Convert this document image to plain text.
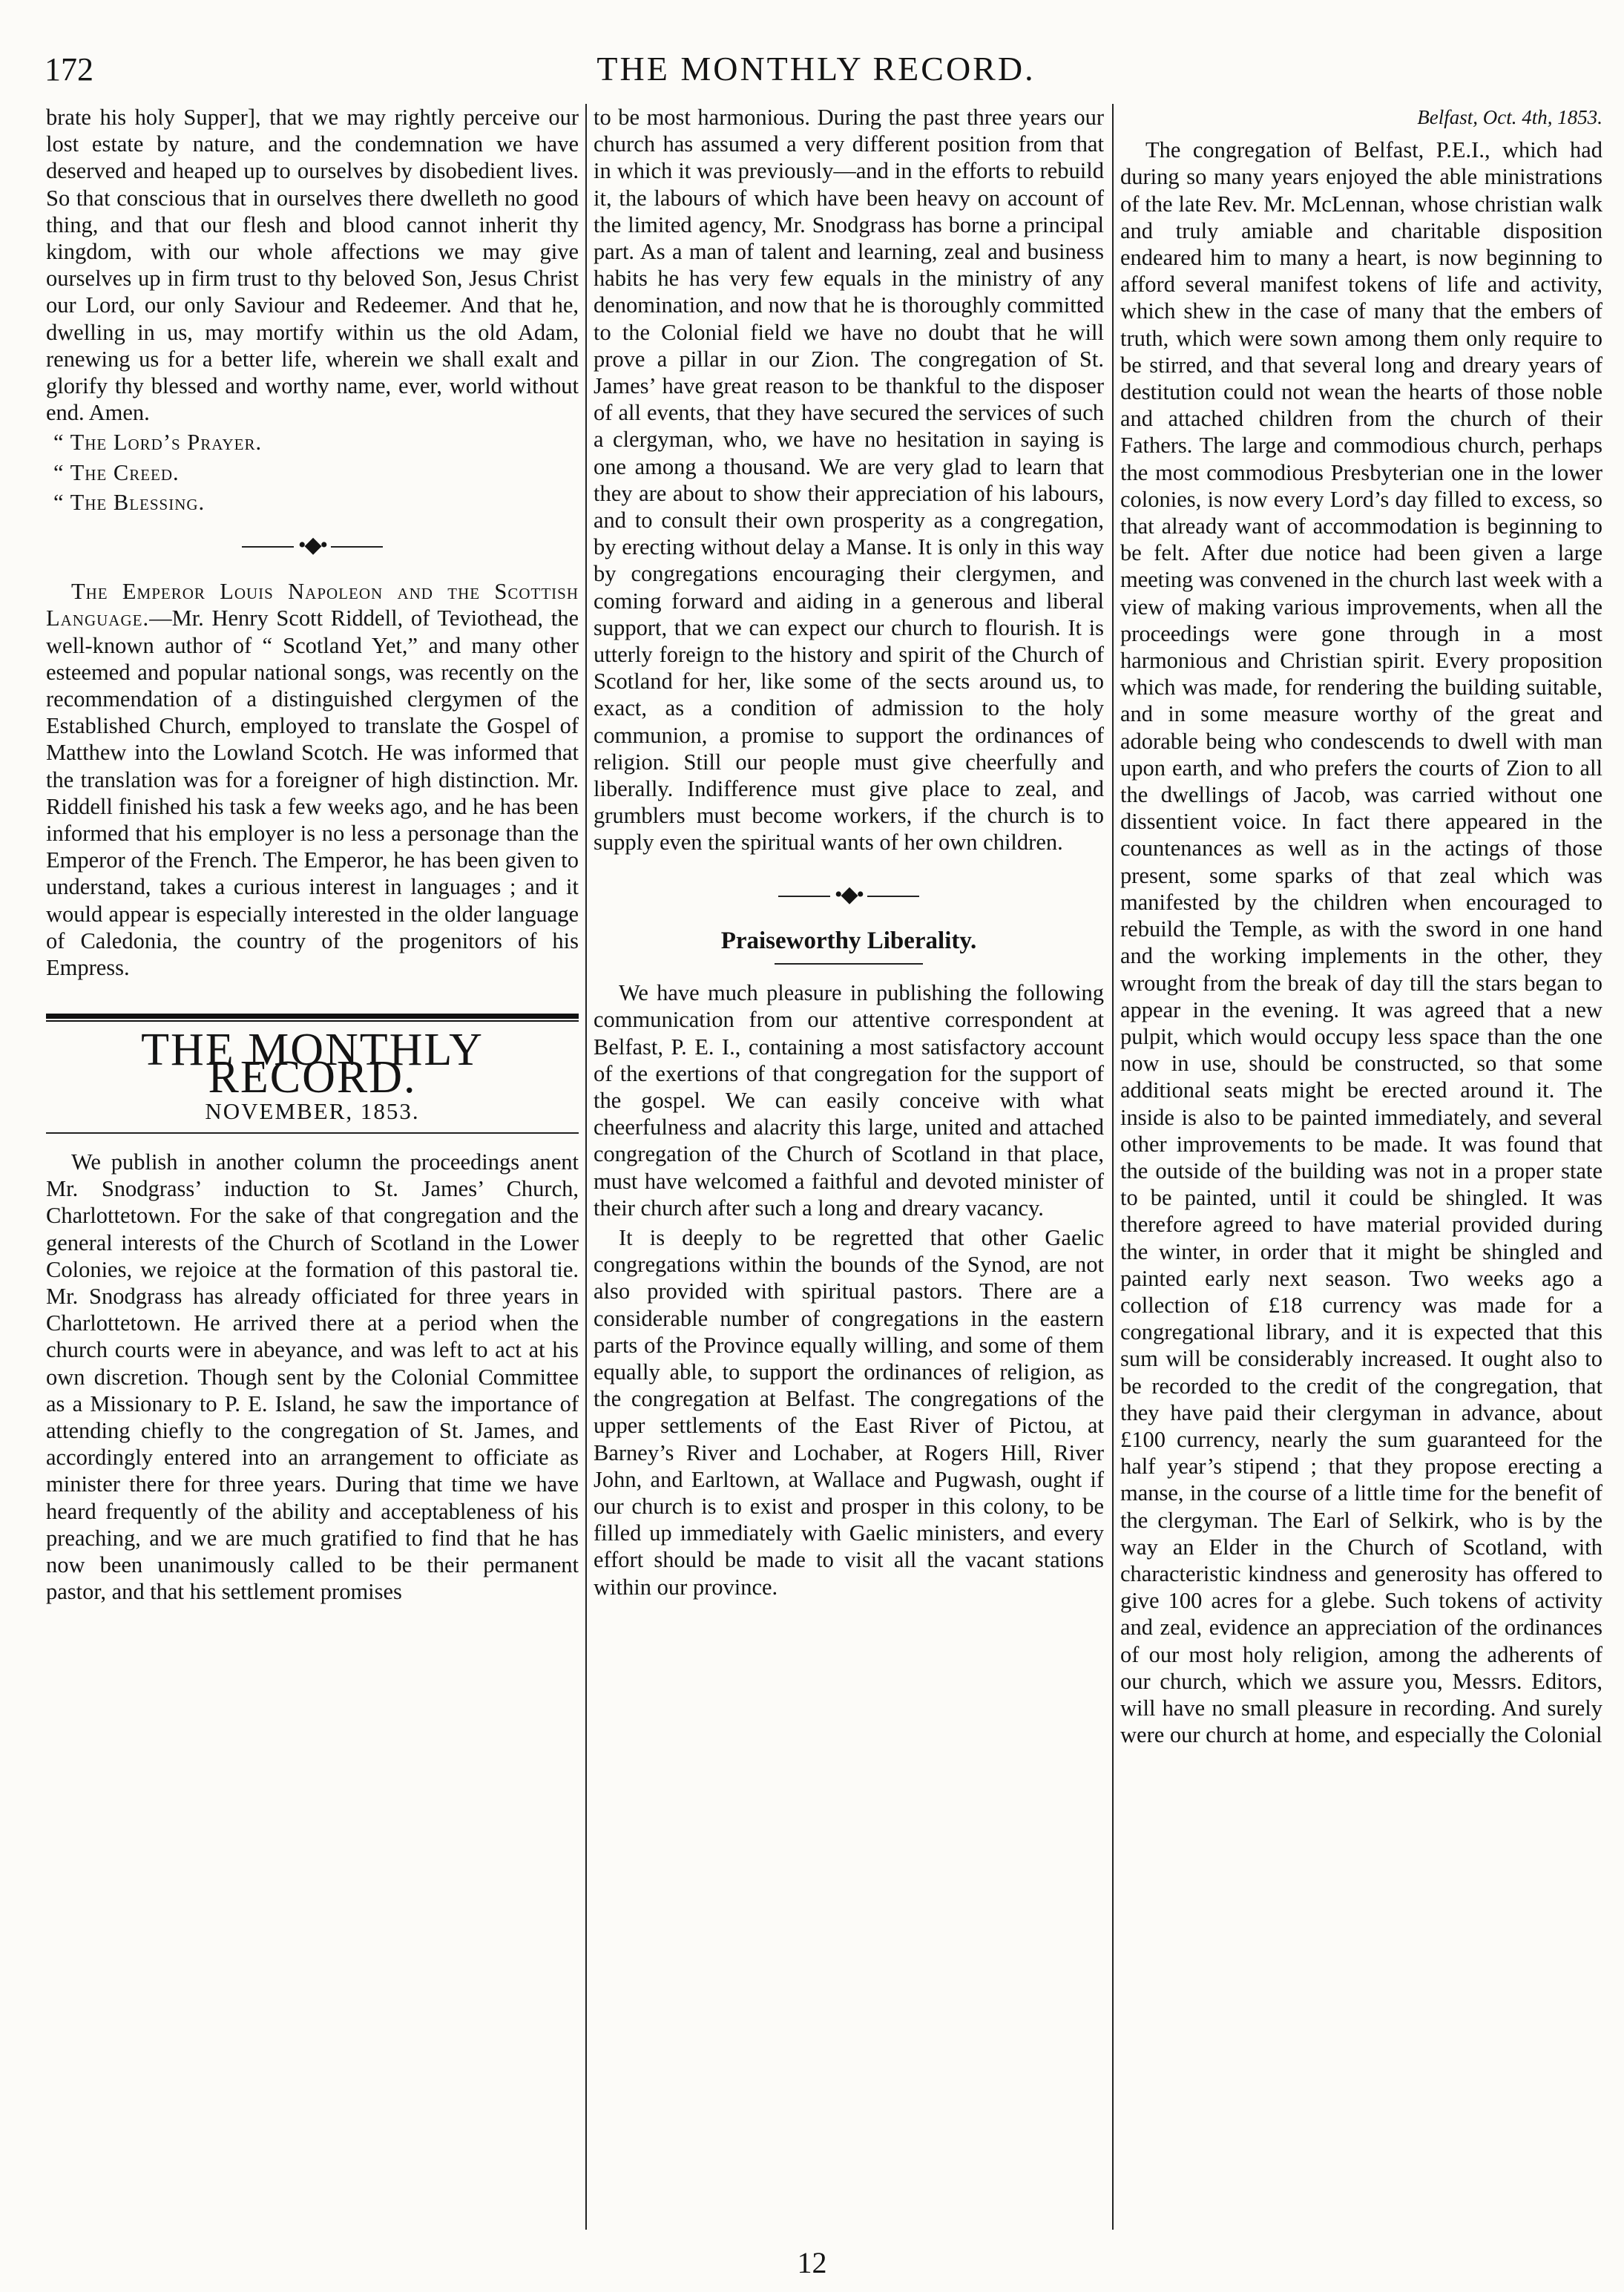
172	THE MONTHLY RECORD.

brate his holy Supper], that we may rightly perceive our lost estate by nature, and the condemnation we have deserved and heaped up to ourselves by disobedient lives. So that conscious that in ourselves there dwelleth no good thing, and that our flesh and blood cannot inherit thy kingdom, with our whole affections we may give ourselves up in firm trust to thy beloved Son, Jesus Christ our Lord, our only Saviour and Redeemer. And that he, dwelling in us, may mortify within us the old Adam, renewing us for a better life, wherein we shall exalt and glorify thy blessed and worthy name, ever, world without end. Amen.

“ The Lord’s Prayer.

“ The Creed.

“ The Blessing.

•◆•

The Emperor Louis Napoleon and the Scottish Language.—Mr. Henry Scott Riddell, of Teviothead, the well-known author of “ Scotland Yet,” and many other esteemed and popular national songs, was recently on the recommendation of a distinguished clergymen of the Established Church, employed to translate the Gospel of Matthew into the Lowland Scotch. He was informed that the translation was for a foreigner of high distinction. Mr. Riddell finished his task a few weeks ago, and he has been informed that his employer is no less a personage than the Emperor of the French. The Emperor, he has been given to understand, takes a curious interest in languages ; and it would appear is especially interested in the older language of Caledonia, the country of the progenitors of his Empress.

THE MONTHLY RECORD.
NOVEMBER, 1853.

We publish in another column the proceedings anent Mr. Snodgrass’ induction to St. James’ Church, Charlottetown. For the sake of that congregation and the general interests of the Church of Scotland in the Lower Colonies, we rejoice at the formation of this pastoral tie. Mr. Snodgrass has already officiated for three years in Charlottetown. He arrived there at a period when the church courts were in abeyance, and was left to act at his own discretion. Though sent by the Colonial Committee as a Missionary to P. E. Island, he saw the importance of attending chiefly to the congregation of St. James, and accordingly entered into an arrangement to officiate as minister there for three years. During that time we have heard frequently of the ability and acceptableness of his preaching, and we are much gratified to find that he has now been unanimously called to be their permanent pastor, and that his settlement promises

to be most harmonious. During the past three years our church has assumed a very different position from that in which it was previously—and in the efforts to rebuild it, the labours of which have been heavy on account of the limited agency, Mr. Snodgrass has borne a principal part. As a man of talent and learning, zeal and business habits he has very few equals in the ministry of any denomination, and now that he is thoroughly committed to the Colonial field we have no doubt that he will prove a pillar in our Zion. The congregation of St. James’ have great reason to be thankful to the disposer of all events, that they have secured the services of such a clergyman, who, we have no hesitation in saying is one among a thousand. We are very glad to learn that they are about to show their appreciation of his labours, and to consult their own prosperity as a congregation, by erecting without delay a Manse. It is only in this way by congregations encouraging their clergymen, and coming forward and aiding in a generous and liberal support, that we can expect our church to flourish. It is utterly foreign to the history and spirit of the Church of Scotland for her, like some of the sects around us, to exact, as a condition of admission to the holy communion, a promise to support the ordinances of religion. Still our people must give cheerfully and liberally. Indifference must give place to zeal, and grumblers must become workers, if the church is to supply even the spiritual wants of her own children.

•◆•
Praiseworthy Liberality.

We have much pleasure in publishing the following communication from our attentive correspondent at Belfast, P. E. I., containing a most satisfactory account of the exertions of that congregation for the support of the gospel. We can easily conceive with what cheerfulness and alacrity this large, united and attached congregation of the Church of Scotland in that place, must have welcomed a faithful and devoted minister of their church after such a long and dreary vacancy.

It is deeply to be regretted that other Gaelic congregations within the bounds of the Synod, are not also provided with spiritual pastors. There are a considerable number of congregations in the eastern parts of the Province equally willing, and some of them equally able, to support the ordinances of religion, as the congregation at Belfast. The congregations of the upper settlements of the East River of Pictou, at Barney’s River and Lochaber, at Rogers Hill, River John, and Earltown, at Wallace and Pugwash, ought if our church is to exist and prosper in this colony, to be filled up immediately with Gaelic ministers, and every effort should be made to visit all the vacant stations within our province.

Belfast, Oct. 4th, 1853.

The congregation of Belfast, P.E.I., which had during so many years enjoyed the able ministrations of the late Rev. Mr. McLennan, whose christian walk and truly amiable and charitable disposition endeared him to many a heart, is now beginning to afford several manifest tokens of life and activity, which shew in the case of many that the embers of truth, which were sown among them only require to be stirred, and that several long and dreary years of destitution could not wean the hearts of those noble and attached children from the church of their Fathers. The large and commodious church, perhaps the most commodious Presbyterian one in the lower colonies, is now every Lord’s day filled to excess, so that already want of accommodation is beginning to be felt. After due notice had been given a large meeting was convened in the church last week with a view of making various improvements, when all the proceedings were gone through in a most harmonious and Christian spirit. Every proposition which was made, for rendering the building suitable, and in some measure worthy of the great and adorable being who condescends to dwell with man upon earth, and who prefers the courts of Zion to all the dwellings of Jacob, was carried without one dissentient voice. In fact there appeared in the countenances as well as in the actings of those present, some sparks of that zeal which was manifested by the children when encouraged to rebuild the Temple, as with the sword in one hand and the working implements in the other, they wrought from the break of day till the stars began to appear in the evening. It was agreed that a new pulpit, which would occupy less space than the one now in use, should be constructed, so that some additional seats might be erected around it. The inside is also to be painted immediately, and several other improvements to be made. It was found that the outside of the building was not in a proper state to be painted, until it could be shingled. It was therefore agreed to have material provided during the winter, in order that it might be shingled and painted early next season. Two weeks ago a collection of £18 currency was made for a congregational library, and it is expected that this sum will be considerably increased. It ought also to be recorded to the credit of the congregation, that they have paid their clergyman in advance, about £100 currency, nearly the sum guaranteed for the half year’s stipend ; that they propose erecting a manse, in the course of a little time for the benefit of the clergyman. The Earl of Selkirk, who is by the way an Elder in the Church of Scotland, with characteristic kindness and generosity has offered to give 100 acres for a glebe. Such tokens of activity and zeal, evidence an appreciation of the ordinances of our most holy religion, among the adherents of our church, which we assure you, Messrs. Editors, will have no small pleasure in recording. And surely were our church at home, and especially the Colonial

12
